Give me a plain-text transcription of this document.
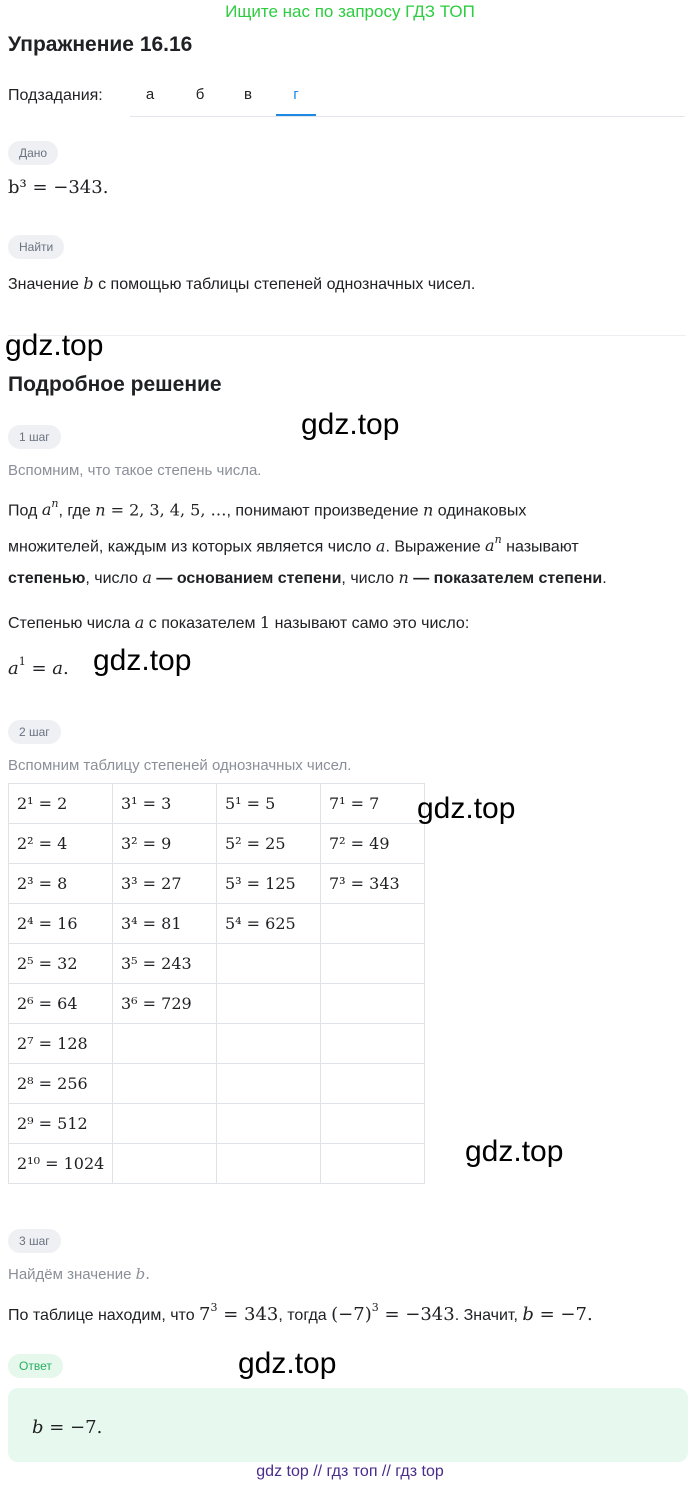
Ищите нас по запросу ГДЗ ТОП
Упражнение 16.16
Подзадания:	а	б	в	г
Дано
b³ = −343.
Найти
Значение b с помощью таблицы степеней однозначных чисел.
gdz.top
Подробное решение
gdz.top
1 шаг
Вспомним, что такое степень числа.
Под $a^n$, где n = 2, 3, 4, 5, …, понимают произведение n одинаковых
множителей, каждым из которых является число a. Выражение $a^n$ называют
степенью, число a — основанием степени, число n — показателем степени.
Степенью числа a с показателем 1 называют само это число:
$a^1 = a$. gdz.top
2 шаг
Вспомним таблицу степеней однозначных чисел.
2¹ = 2	3¹ = 3	5¹ = 5	7¹ = 7
2² = 4	3² = 9	5² = 25	7² = 49
2³ = 8	3³ = 27	5³ = 125	7³ = 343
2⁴ = 16	3⁴ = 81	5⁴ = 625	
2⁵ = 32	3⁵ = 243		
2⁶ = 64	3⁶ = 729		
2⁷ = 128			
2⁸ = 256			
2⁹ = 512			
2¹⁰ = 1024			
gdz.top
gdz.top
3 шаг
Найдём значение b.
По таблице находим, что $7^3 = 343$, тогда $(-7)^3 = -343$. Значит, b = −7.
gdz.top
Ответ
b = −7.
gdz top // гдз топ // гдз top
